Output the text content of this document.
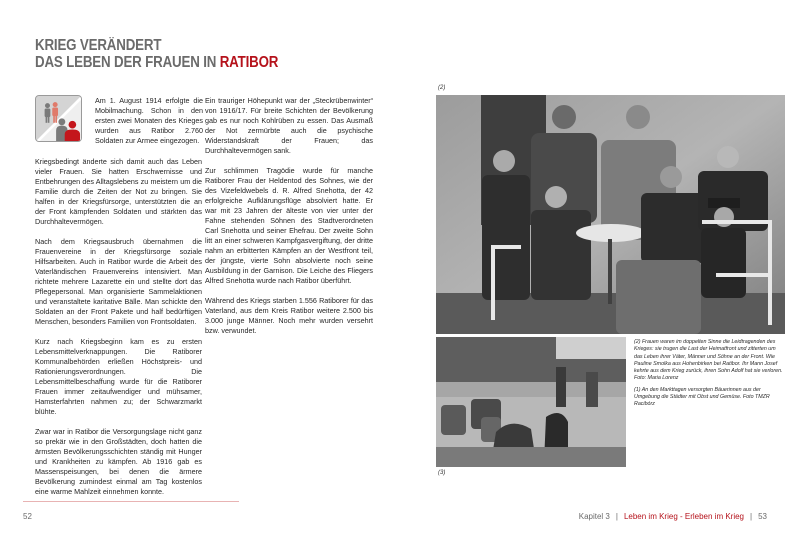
KRIEG VERÄNDERT
DAS LEBEN DER FRAUEN IN RATIBOR

Am 1. August 1914 erfolgte die Mobilmachung. Schon in den ersten zwei Monaten des Krieges wurden aus Ratibor 2.760 Soldaten zur Armee eingezogen.

Kriegsbedingt änderte sich damit auch das Leben vieler Frauen. Sie hatten Erschwernisse und Entbehrungen des Alltagslebens zu meistern um die Familie durch die Zeiten der Not zu bringen. Sie halfen in der Kriegsfürsorge, unterstützten die an der Front kämpfenden Soldaten und stärkten das Durchhaltevermögen.

Nach dem Kriegsausbruch übernahmen die Frauenvereine in der Kriegsfürsorge soziale Hilfsarbeiten. Auch in Ratibor wurde die Arbeit des Vaterländischen Frauenvereins intensiviert. Man richtete mehrere Lazarette ein und stellte dort das Pflegepersonal. Man organisierte Sammelaktionen und veranstaltete karitative Bälle. Man schickte den Soldaten an der Front Pakete und half bedürftigen Menschen, besonders Familien von Frontsoldaten.

Kurz nach Kriegsbeginn kam es zu ersten Lebensmittelverknappungen. Die Ratiborer Kommunalbehörden erließen Höchstpreis- und Rationierungsverordnungen. Die Lebensmittelbeschaffung wurde für die Ratiborer Frauen immer zeitaufwendiger und mühsamer, Hamsterfahrten nahmen zu; der Schwarzmarkt blühte.

Zwar war in Ratibor die Versorgungslage nicht ganz so prekär wie in den Großstädten, doch hatten die ärmsten Bevölkerungsschichten ständig mit Hunger und Krankheiten zu kämpfen. Ab 1916 gab es Massenspeisungen, bei denen die ärmere Bevölkerung zumindest einmal am Tag kostenlos eine warme Mahlzeit einnehmen konnte.

Ein trauriger Höhepunkt war der „Steckrübenwinter“ von 1916/17. Für breite Schichten der Bevölkerung gab es nur noch Kohlrüben zu essen. Das Ausmaß der Not zermürbte auch die psychische Widerstandskraft der Frauen; das Durchhaltevermögen sank.

Zur schlimmen Tragödie wurde für manche Ratiborer Frau der Heldentod des Sohnes, wie der des Vizefeldwebels d. R. Alfred Snehotta, der 42 erfolgreiche Aufklärungsflüge absolviert hatte. Er war mit 23 Jahren der älteste von vier unter der Fahne stehenden Söhnen des Stadtverordneten Carl Snehotta und seiner Ehefrau. Der zweite Sohn litt an einer schweren Kampfgasvergiftung, der dritte nahm an erbitterten Kämpfen an der Westfront teil, der jüngste, vierte Sohn absolvierte noch seine Ausbildung in der Garnison. Die Leiche des Fliegers Alfred Snehotta wurde nach Ratibor überführt.

Während des Kriegs starben 1.556 Ratiborer für das Vaterland, aus dem Kreis Ratibor weitere 2.500 bis 3.000 junge Männer. Noch mehr wurden versehrt bzw. verwundet.

(2)
(3)

(2) Frauen waren im doppelten Sinne die Leidtragenden des Krieges: sie trugen die Last der Heimatfront und zitterten um das Leben ihrer Väter, Männer und Söhne an der Front. Wie Pauline Smolka aus Hohenbirken bei Ratibor. Ihr Mann Josef kehrte aus dem Krieg zurück, ihren Sohn Adolf hat sie verloren. Foto: Maria Lorenz

(1) An den Markttagen versorgten Bäuerinnen aus der Umgebung die Städter mit Obst und Gemüse. Foto TMZR Racibórz

52	Kapitel 3 | Leben im Krieg - Erleben im Krieg | 53
